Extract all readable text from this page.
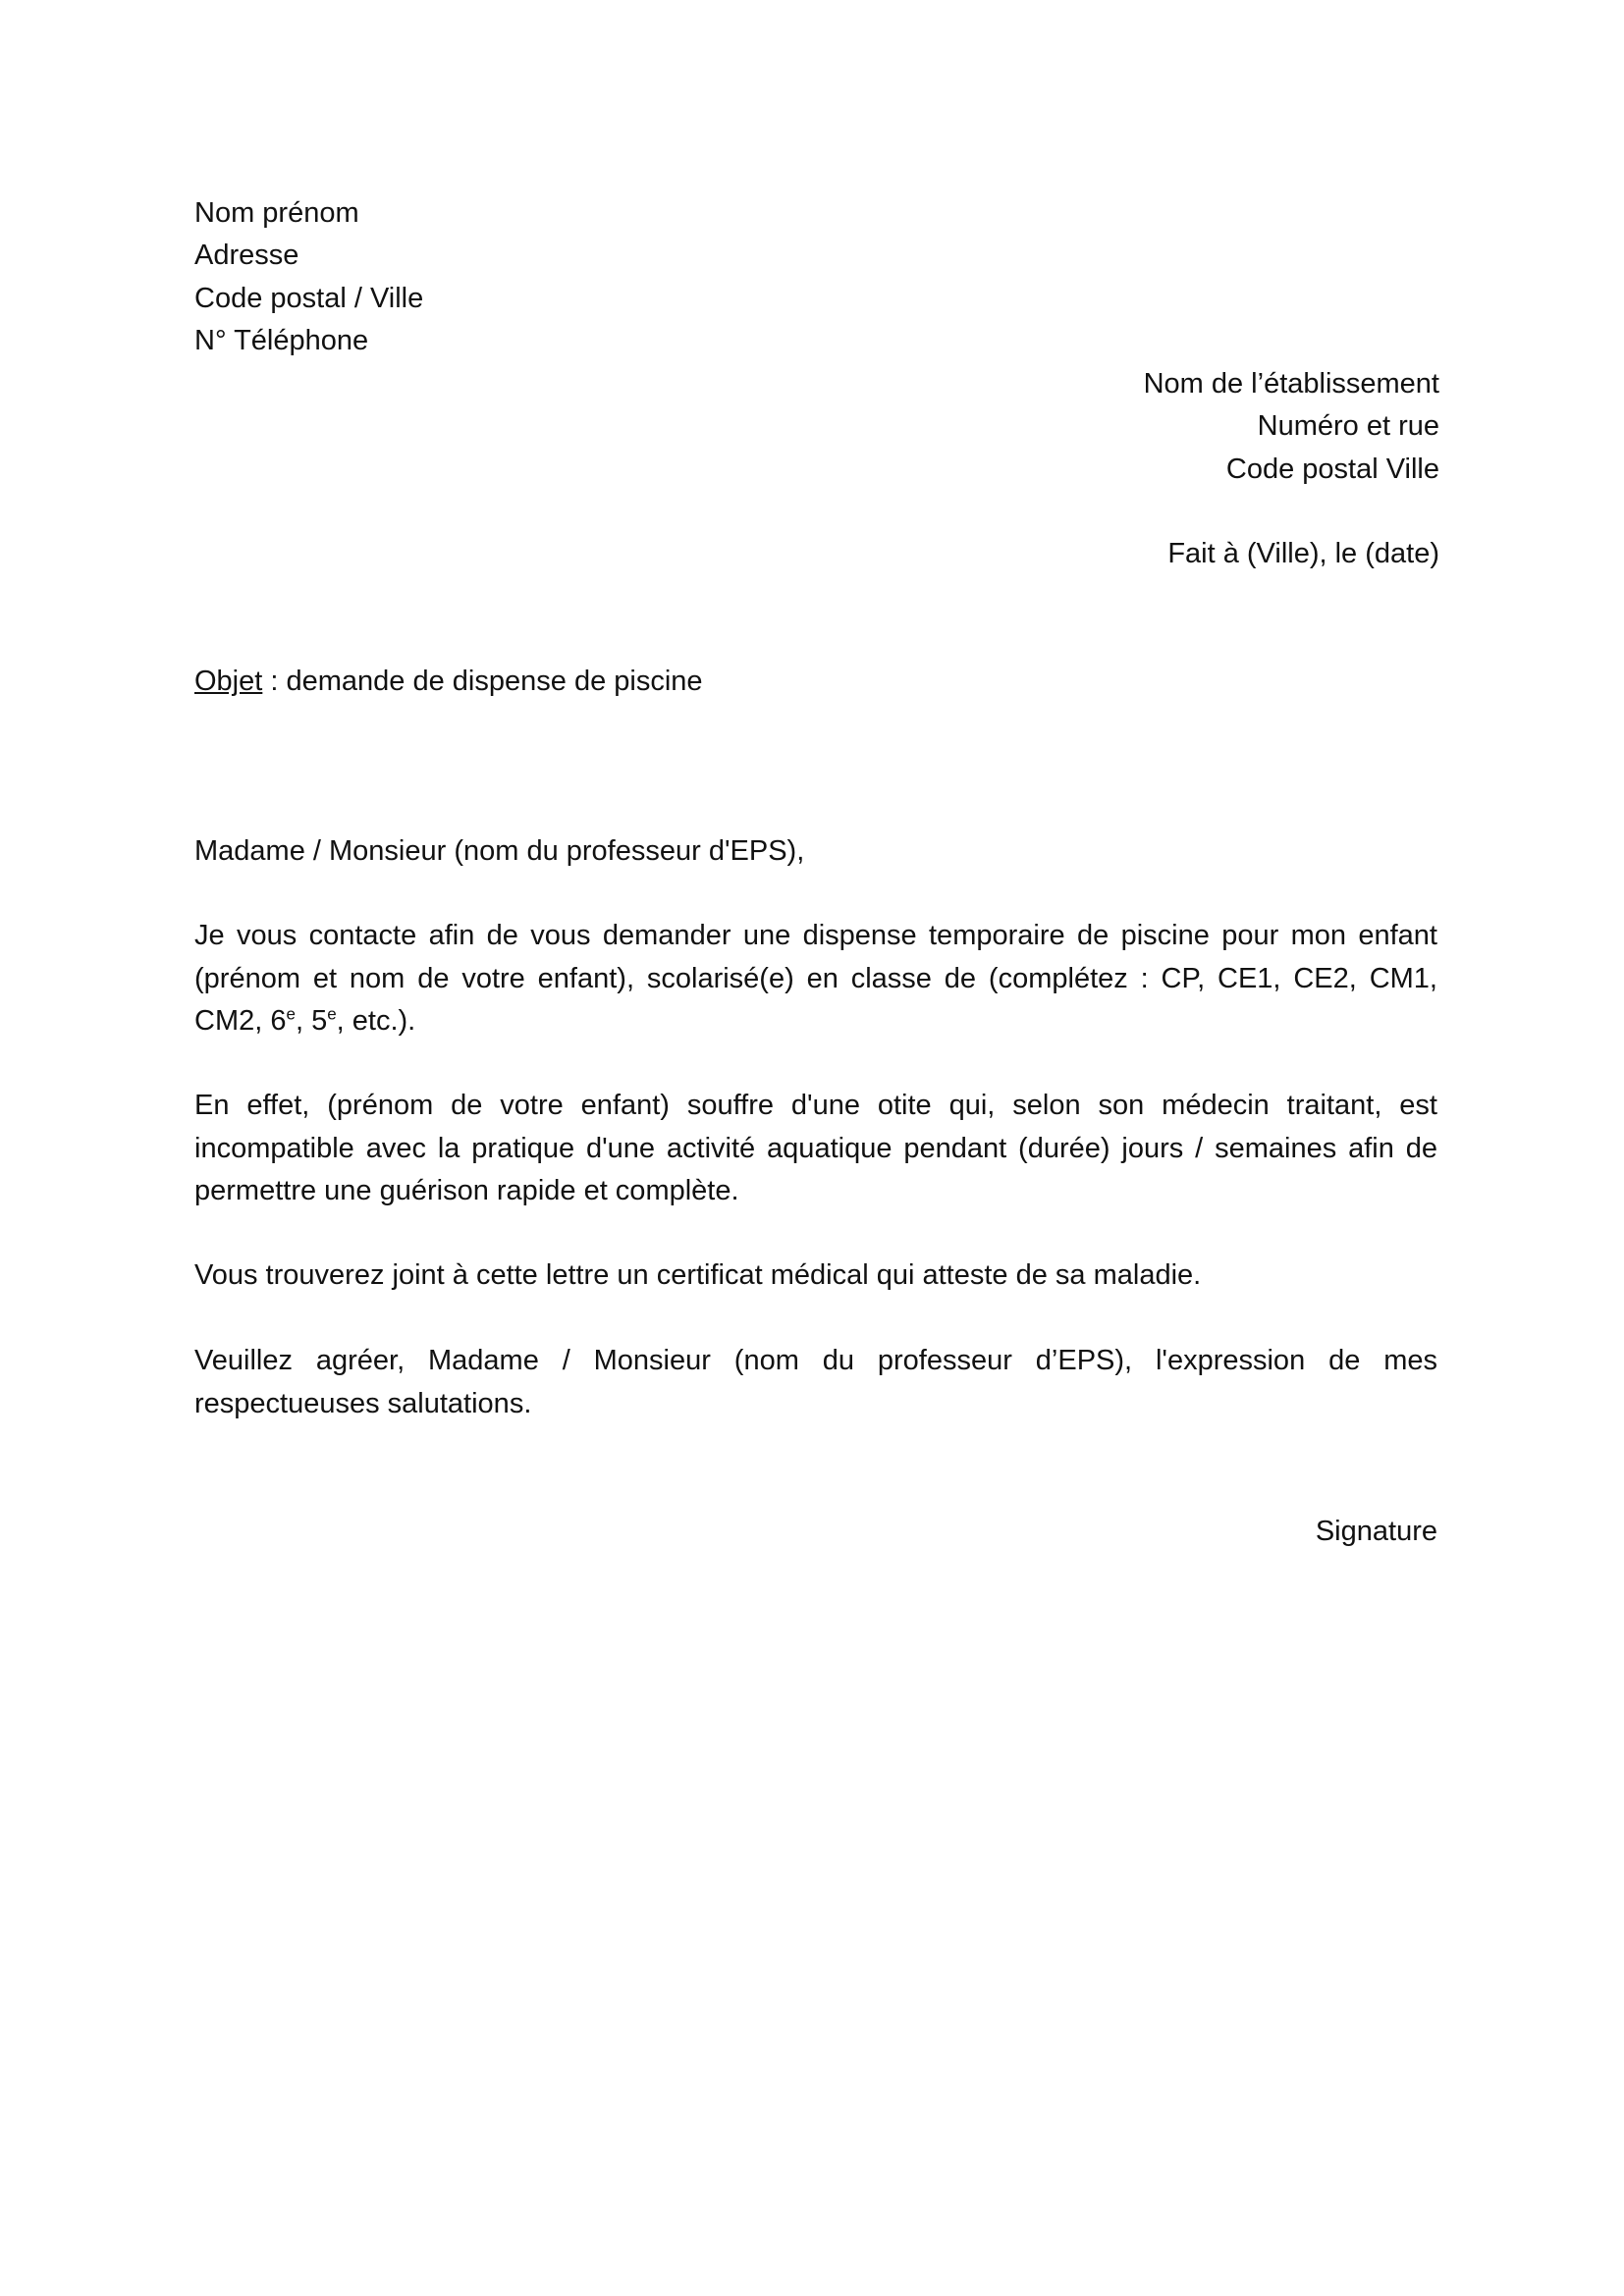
Nom prénom
Adresse
Code postal / Ville
N° Téléphone
Nom de l’établissement
Numéro et rue
Code postal Ville
Fait à (Ville), le (date)
Objet : demande de dispense de piscine
Madame / Monsieur (nom du professeur d'EPS),
Je vous contacte afin de vous demander une dispense temporaire de piscine pour mon enfant (prénom et nom de votre enfant), scolarisé(e) en classe de (complétez : CP, CE1, CE2, CM1, CM2, 6e, 5e, etc.).
En effet, (prénom de votre enfant) souffre d'une otite qui, selon son médecin traitant, est incompatible avec la pratique d'une activité aquatique pendant (durée) jours / semaines afin de permettre une guérison rapide et complète.
Vous trouverez joint à cette lettre un certificat médical qui atteste de sa maladie.
Veuillez agréer, Madame / Monsieur (nom du professeur d’EPS), l'expression de mes respectueuses salutations.
Signature
